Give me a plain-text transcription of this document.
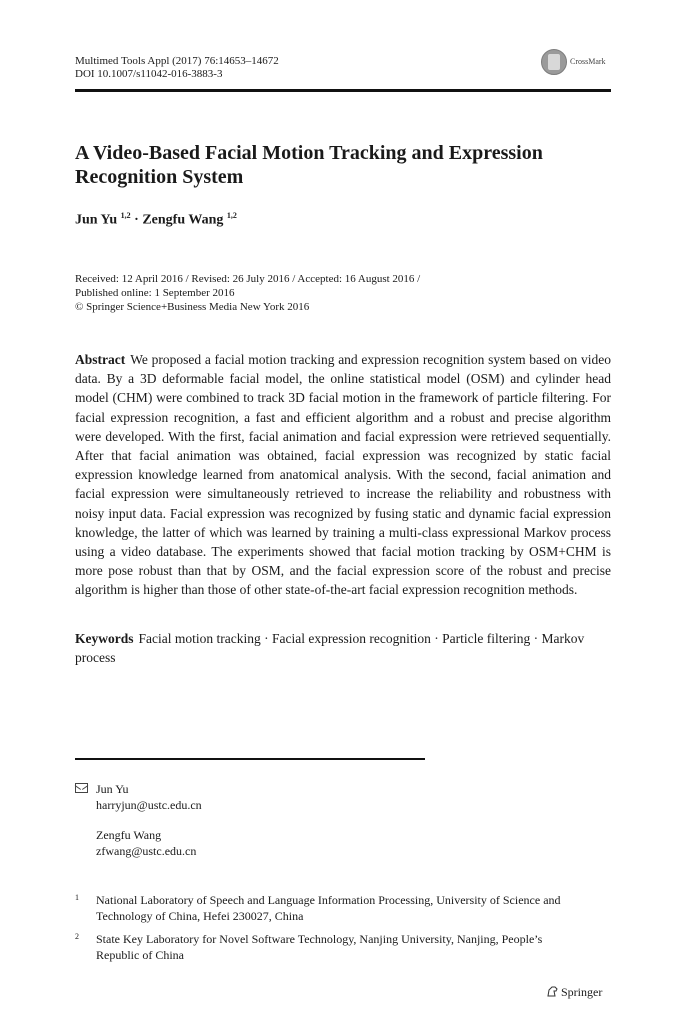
Multimed Tools Appl (2017) 76:14653–14672
DOI 10.1007/s11042-016-3883-3
CrossMark
A Video-Based Facial Motion Tracking and Expression Recognition System
Jun Yu $^{1,2}$ · Zengfu Wang $^{1,2}$
Received: 12 April 2016 / Revised: 26 July 2016 / Accepted: 16 August 2016 /
Published online: 1 September 2016
© Springer Science+Business Media New York 2016
Abstract We proposed a facial motion tracking and expression recognition system based on video data. By a 3D deformable facial model, the online statistical model (OSM) and cylinder head model (CHM) were combined to track 3D facial motion in the framework of particle filtering. For facial expression recognition, a fast and efficient algorithm and a robust and precise algorithm were developed. With the first, facial animation and facial expression were retrieved sequentially. After that facial animation was obtained, facial expression was recognized by static facial expression knowledge learned from anatomical analysis. With the second, facial animation and facial expression were simultaneously retrieved to increase the reliability and robustness with noisy input data. Facial expression was recognized by fusing static and dynamic facial expression knowledge, the latter of which was learned by training a multi-class expressional Markov process using a video database. The experiments showed that facial motion tracking by OSM+CHM is more pose robust than that by OSM, and the facial expression score of the robust and precise algorithm is higher than those of other state-of-the-art facial expression recognition methods.
Keywords Facial motion tracking · Facial expression recognition · Particle filtering · Markov process
Jun Yu
harryjun@ustc.edu.cn
Zengfu Wang
zfwang@ustc.edu.cn
1 National Laboratory of Speech and Language Information Processing, University of Science and Technology of China, Hefei 230027, China
2 State Key Laboratory for Novel Software Technology, Nanjing University, Nanjing, People’s Republic of China
Springer
